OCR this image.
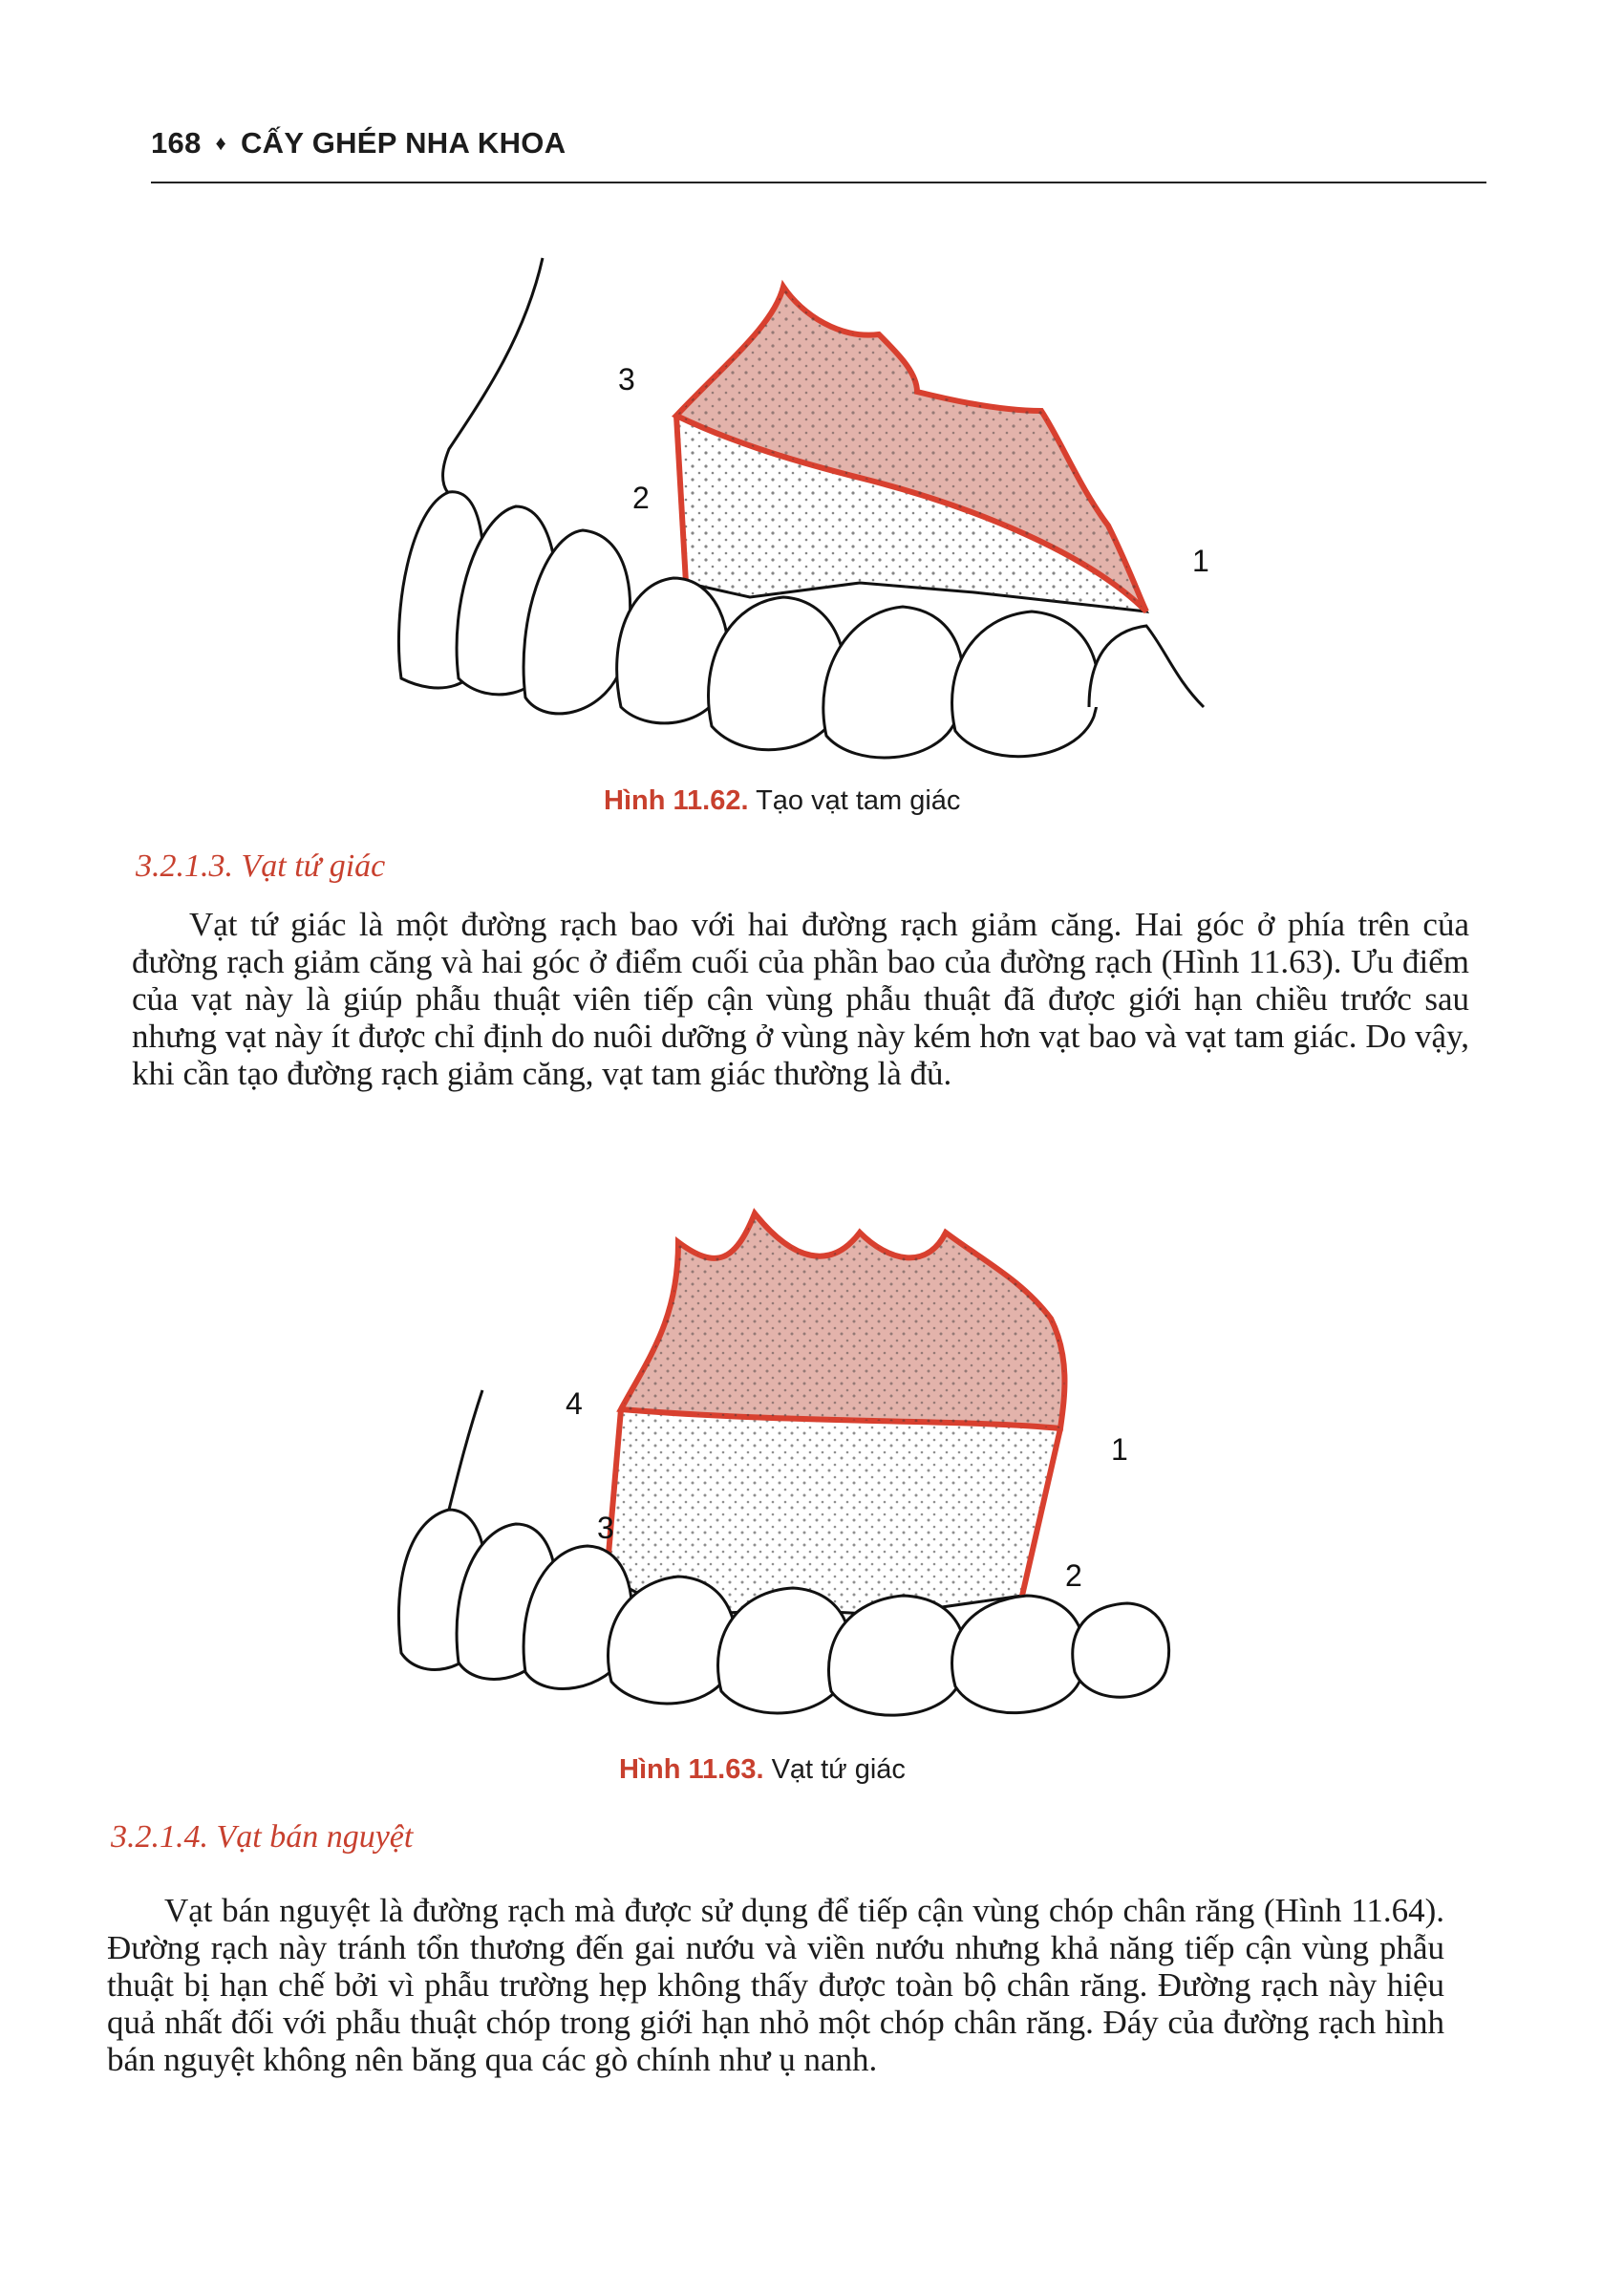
168 ♦ CẤY GHÉP NHA KHOA
3
2
1
Hình 11.62. Tạo vạt tam giác
3.2.1.3. Vạt tứ giác

Vạt tứ giác là một đường rạch bao với hai đường rạch giảm căng. Hai góc ở phía trên của đường rạch giảm căng và hai góc ở điểm cuối của phần bao của đường rạch (Hình 11.63). Ưu điểm của vạt này là giúp phẫu thuật viên tiếp cận vùng phẫu thuật đã được giới hạn chiều trước sau nhưng vạt này ít được chỉ định do nuôi dưỡng ở vùng này kém hơn vạt bao và vạt tam giác. Do vậy, khi cần tạo đường rạch giảm căng, vạt tam giác thường là đủ.

4
1
3
2
Hình 11.63. Vạt tứ giác
3.2.1.4. Vạt bán nguyệt

Vạt bán nguyệt là đường rạch mà được sử dụng để tiếp cận vùng chóp chân răng (Hình 11.64). Đường rạch này tránh tổn thương đến gai nướu và viền nướu nhưng khả năng tiếp cận vùng phẫu thuật bị hạn chế bởi vì phẫu trường hẹp không thấy được toàn bộ chân răng. Đường rạch này hiệu quả nhất đối với phẫu thuật chóp trong giới hạn nhỏ một chóp chân răng. Đáy của đường rạch hình bán nguyệt không nên băng qua các gò chính như ụ nanh.
